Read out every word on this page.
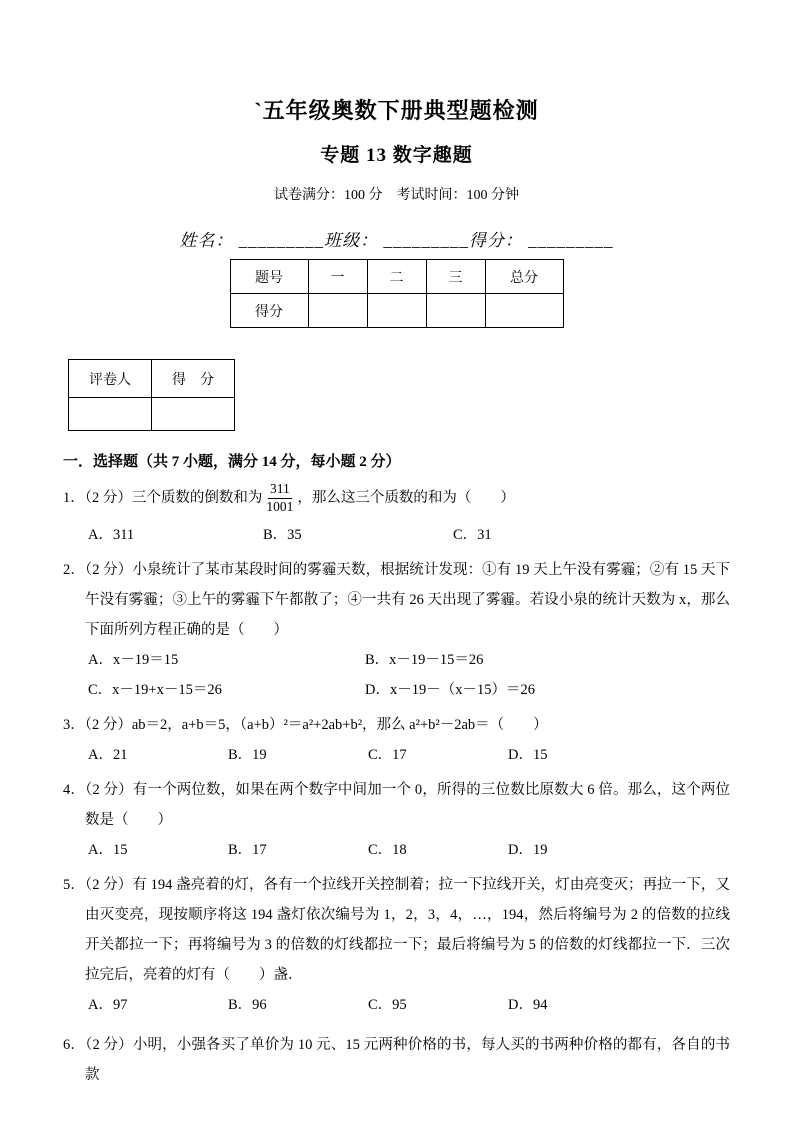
`五年级奥数下册典型题检测
专题 13 数字趣题
试卷满分：100 分　考试时间：100 分钟
姓名： _________班级： _________得分： _________
题号	一	二	三	总分
得分				
评卷人	得　分

一．选择题（共 7 小题，满分 14 分，每小题 2 分）
1．（2 分）三个质数的倒数和为 $\frac{311}{1001}$ ，那么这三个质数的和为（　　）
A．311	B．35	C．31
2．（2 分）小泉统计了某市某段时间的雾霾天数，根据统计发现：①有 19 天上午没有雾霾；②有 15 天下午没有雾霾；③上午的雾霾下午都散了；④一共有 26 天出现了雾霾。若设小泉的统计天数为 x，那么下面所列方程正确的是（　　）
A．x－19＝15	B．x－19－15＝26
C．x－19+x－15＝26	D．x－19－（x－15）＝26
3．（2 分）ab＝2，a+b＝5，（a+b）²＝a²+2ab+b²，那么 a²+b²－2ab＝（　　）
A．21	B．19	C．17	D．15
4．（2 分）有一个两位数，如果在两个数字中间加一个 0，所得的三位数比原数大 6 倍。那么，这个两位数是（　　）
A．15	B．17	C．18	D．19
5．（2 分）有 194 盏亮着的灯，各有一个拉线开关控制着；拉一下拉线开关，灯由亮变灭；再拉一下，又由灭变亮，现按顺序将这 194 盏灯依次编号为 1，2，3，4，…，194，然后将编号为 2 的倍数的拉线开关都拉一下；再将编号为 3 的倍数的灯线都拉一下；最后将编号为 5 的倍数的灯线都拉一下．三次拉完后，亮着的灯有（　　）盏．
A．97	B．96	C．95	D．94
6．（2 分）小明，小强各买了单价为 10 元、15 元两种价格的书，每人买的书两种价格的都有，各自的书款
